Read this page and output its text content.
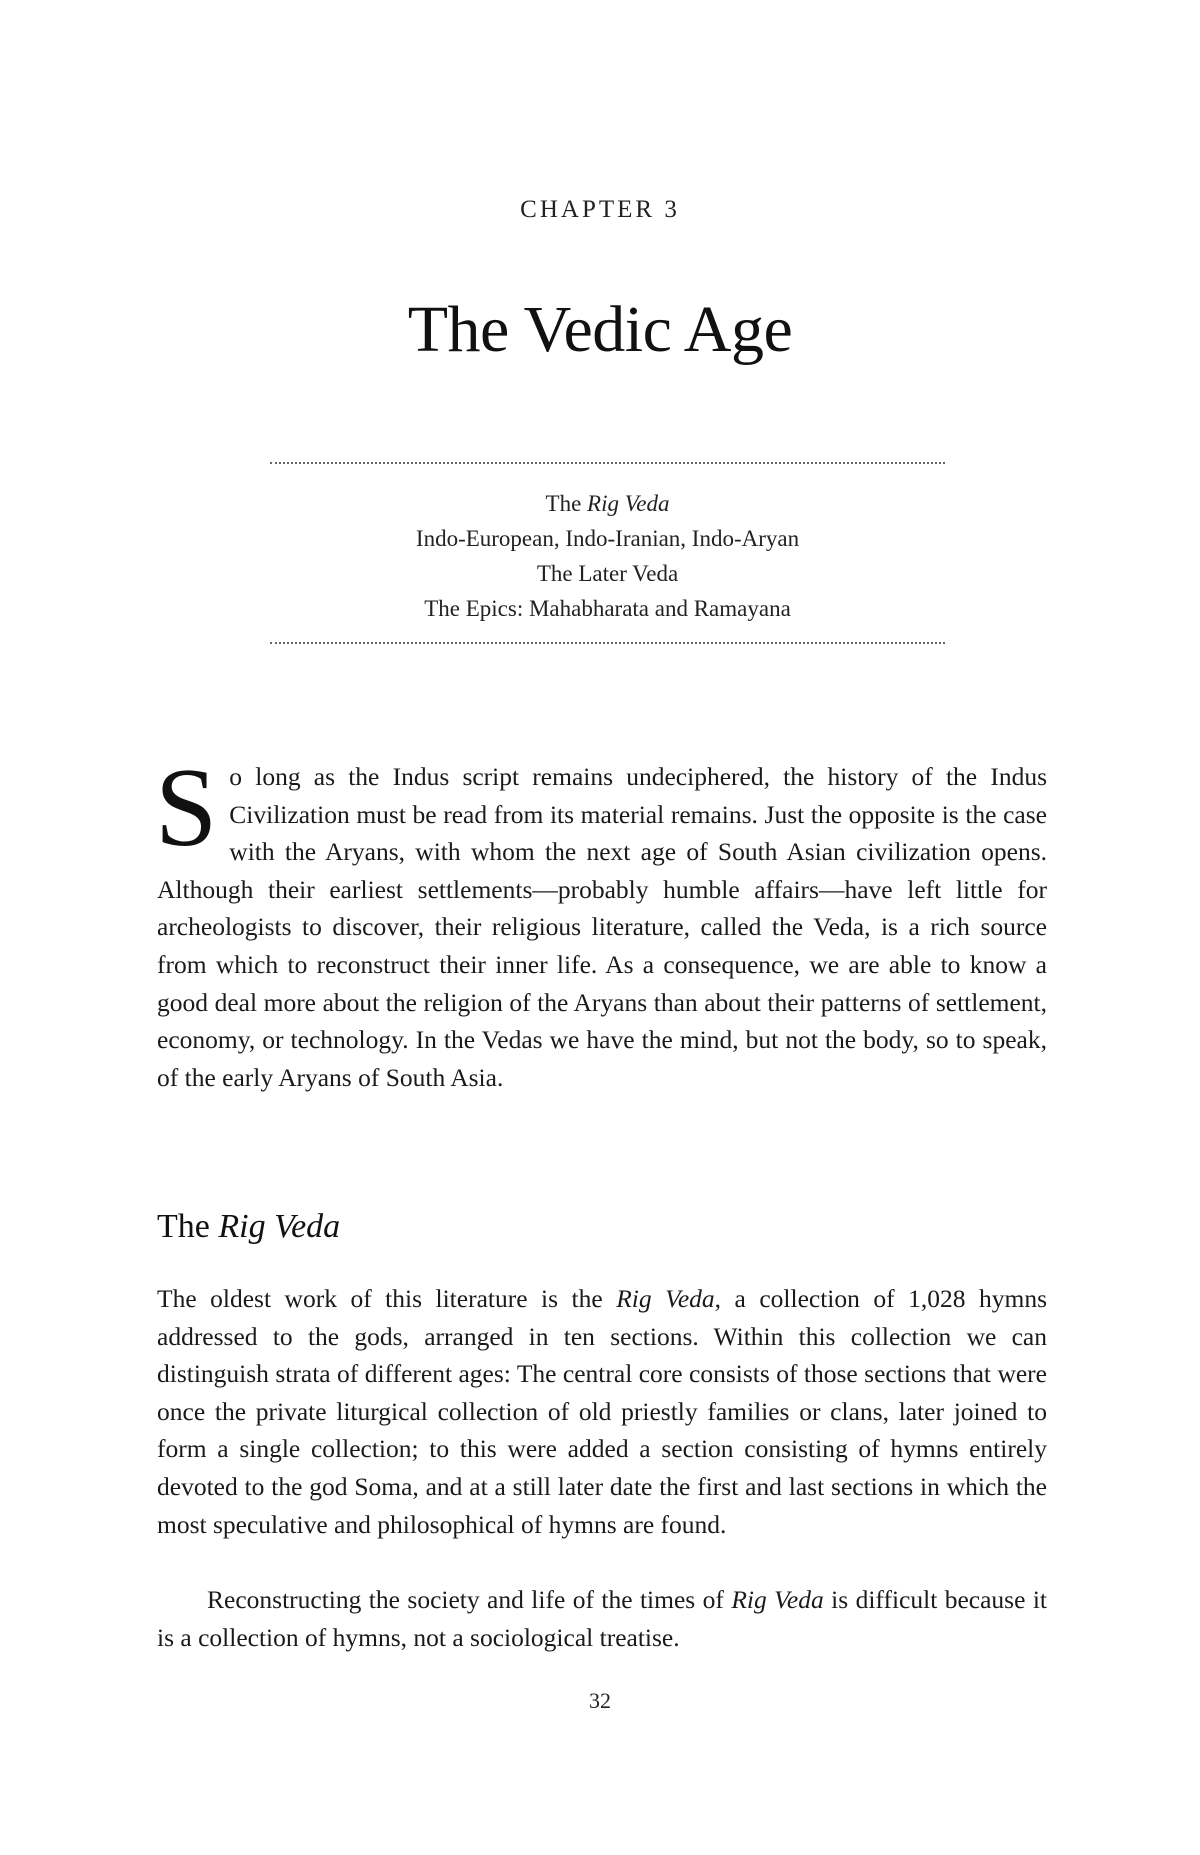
CHAPTER 3
The Vedic Age
The Rig Veda
Indo-European, Indo-Iranian, Indo-Aryan
The Later Veda
The Epics: Mahabharata and Ramayana

So long as the Indus script remains undeciphered, the history of the Indus Civilization must be read from its material remains. Just the opposite is the case with the Aryans, with whom the next age of South Asian civilization opens. Although their earliest settlements—probably humble affairs—have left little for archeologists to discover, their religious literature, called the Veda, is a rich source from which to reconstruct their inner life. As a consequence, we are able to know a good deal more about the religion of the Aryans than about their patterns of settlement, economy, or technology. In the Vedas we have the mind, but not the body, so to speak, of the early Aryans of South Asia.

The Rig Veda

The oldest work of this literature is the Rig Veda, a collection of 1,028 hymns addressed to the gods, arranged in ten sections. Within this collection we can distinguish strata of different ages: The central core consists of those sections that were once the private liturgical collection of old priestly families or clans, later joined to form a single collection; to this were added a section consisting of hymns entirely devoted to the god Soma, and at a still later date the first and last sections in which the most speculative and philosophical of hymns are found.

Reconstructing the society and life of the times of Rig Veda is difficult because it is a collection of hymns, not a sociological treatise.

32
